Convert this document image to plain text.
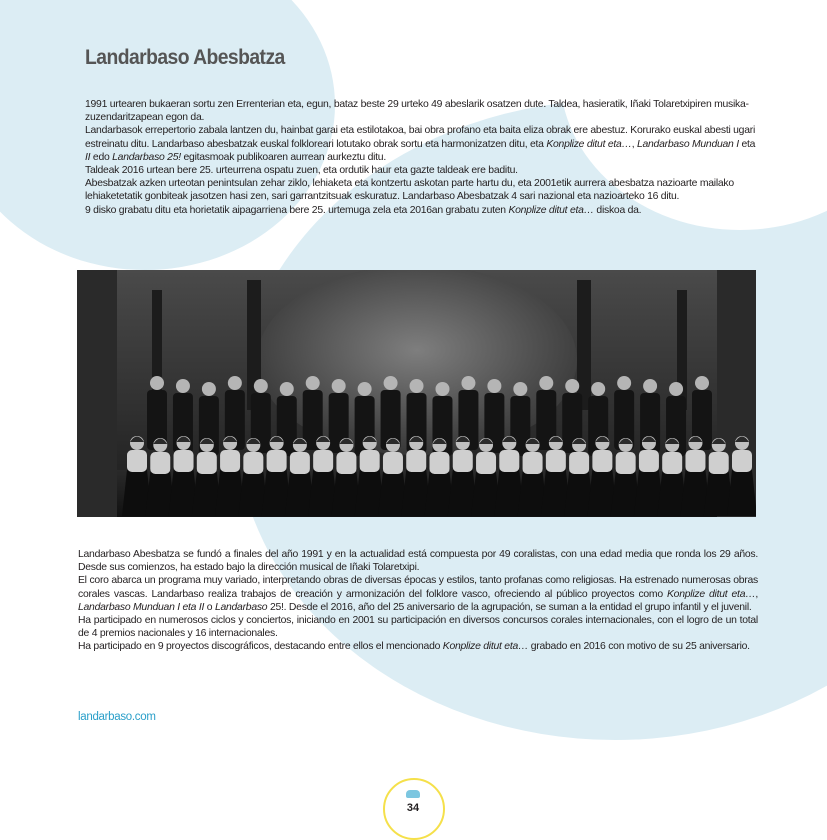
Landarbaso Abesbatza

1991 urtearen bukaeran sortu zen Errenterian eta, egun, bataz beste 29 urteko 49 abeslarik osatzen dute. Taldea, hasieratik, Iñaki Tolaretxipiren musika-zuzendaritzapean egon da.

Landarbasok errepertorio zabala lantzen du, hainbat garai eta estilotakoa, bai obra profano eta baita eliza obrak ere abestuz. Korurako euskal abesti ugari estreinatu ditu. Landarbaso abesbatzak euskal folkloreari lotutako obrak sortu eta harmonizatzen ditu, eta Konplize ditut eta…, Landarbaso Munduan I eta II edo Landarbaso 25! egitasmoak publikoaren aurrean aurkeztu ditu.

Taldeak 2016 urtean bere 25. urteurrena ospatu zuen, eta ordutik haur eta gazte taldeak ere baditu.

Abesbatzak azken urteotan penintsulan zehar ziklo, lehiaketa eta kontzertu askotan parte hartu du, eta 2001etik aurrera abesbatza nazioarte mailako lehiaketetatik gonbiteak jasotzen hasi zen, sari garrantzitsuak eskuratuz. Landarbaso Abesbatzak 4 sari nazional eta nazioarteko 16 ditu.

9 disko grabatu ditu eta horietatik aipagarriena bere 25. urtemuga zela eta 2016an grabatu zuten Konplize ditut eta… diskoa da.

Landarbaso Abesbatza se fundó a finales del año 1991 y en la actualidad está compuesta por 49 coralistas, con una edad media que ronda los 29 años. Desde sus comienzos, ha estado bajo la dirección musical de Iñaki Tolaretxipi.

El coro abarca un programa muy variado, interpretando obras de diversas épocas y estilos, tanto profanas como religiosas. Ha estrenado numerosas obras corales vascas. Landarbaso realiza trabajos de creación y armonización del folklore vasco, ofreciendo al público proyectos como Konplize ditut eta…, Landarbaso Munduan I eta II o Landarbaso 25!. Desde el 2016, año del 25 aniversario de la agrupación, se suman a la entidad el grupo infantil y el juvenil.

Ha participado en numerosos ciclos y conciertos, iniciando en 2001 su participación en diversos concursos corales internacionales, con el logro de un total de 4 premios nacionales y 16 internacionales.

Ha participado en 9 proyectos discográficos, destacando entre ellos el mencionado Konplize ditut eta… grabado en 2016 con motivo de su 25 aniversario.

landarbaso.com
34
